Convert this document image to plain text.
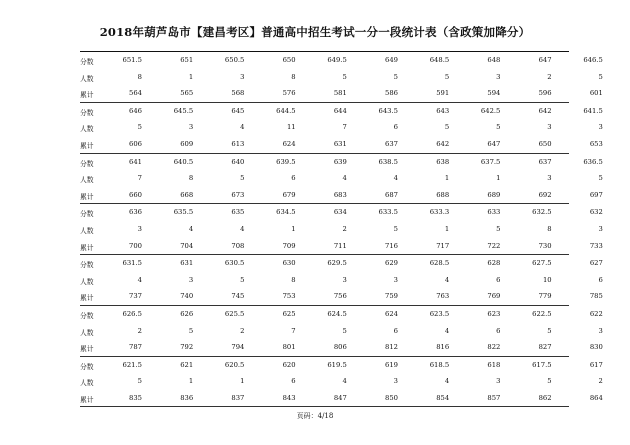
2018年葫芦岛市【建昌考区】普通高中招生考试一分一段统计表（含政策加降分）
分数	651.5	651	650.5	650	649.5	649	648.5	648	647	646.5
人数	8	1	3	8	5	5	5	3	2	5
累计	564	565	568	576	581	586	591	594	596	601
分数	646	645.5	645	644.5	644	643.5	643	642.5	642	641.5
人数	5	3	4	11	7	6	5	5	3	3
累计	606	609	613	624	631	637	642	647	650	653
分数	641	640.5	640	639.5	639	638.5	638	637.5	637	636.5
人数	7	8	5	6	4	4	1	1	3	5
累计	660	668	673	679	683	687	688	689	692	697
分数	636	635.5	635	634.5	634	633.5	633.3	633	632.5	632
人数	3	4	4	1	2	5	1	5	8	3
累计	700	704	708	709	711	716	717	722	730	733
分数	631.5	631	630.5	630	629.5	629	628.5	628	627.5	627
人数	4	3	5	8	3	3	4	6	10	6
累计	737	740	745	753	756	759	763	769	779	785
分数	626.5	626	625.5	625	624.5	624	623.5	623	622.5	622
人数	2	5	2	7	5	6	4	6	5	3
累计	787	792	794	801	806	812	816	822	827	830
分数	621.5	621	620.5	620	619.5	619	618.5	618	617.5	617
人数	5	1	1	6	4	3	4	3	5	2
累计	835	836	837	843	847	850	854	857	862	864
页码：4/18
